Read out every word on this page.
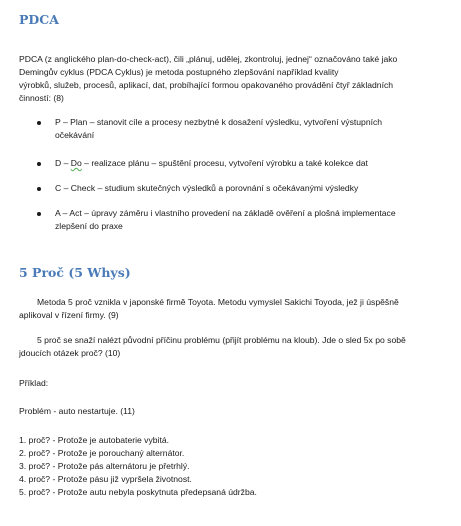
PDCA

PDCA (z anglického plan-do-check-act), čili „plánuj, udělej, zkontroluj, jednej“ označováno také jako
Demingův cyklus (PDCA Cyklus) je metoda postupného zlepšování například kvality
výrobků, služeb, procesů, aplikací, dat, probíhající formou opakovaného provádění čtyř základních
činností: (8)

P – Plan – stanovit cíle a procesy nezbytné k dosažení výsledku, vytvoření výstupních
očekávání
D – Do – realizace plánu – spuštění procesu, vytvoření výrobku a také kolekce dat
C – Check – studium skutečných výsledků a porovnání s očekávanými výsledky
A – Act – úpravy záměru i vlastního provedení na základě ověření a plošná implementace
zlepšení do praxe
5 Proč (5 Whys)

Metoda 5 proč vznikla v japonské firmě Toyota. Metodu vymyslel Sakichi Toyoda, jež ji úspěšně
aplikoval v řízení firmy. (9)

5 proč se snaží nalézt původní příčinu problému (přijít problému na kloub). Jde o sled 5x po sobě
jdoucích otázek proč? (10)

Příklad:

Problém - auto nestartuje. (11)

1. proč? - Protože je autobaterie vybitá.
2. proč? - Protože je porouchaný alternátor.
3. proč? - Protože pás alternátoru je přetrhlý.
4. proč? - Protože pásu již vypršela životnost.
5. proč? - Protože autu nebyla poskytnuta předepsaná údržba.
